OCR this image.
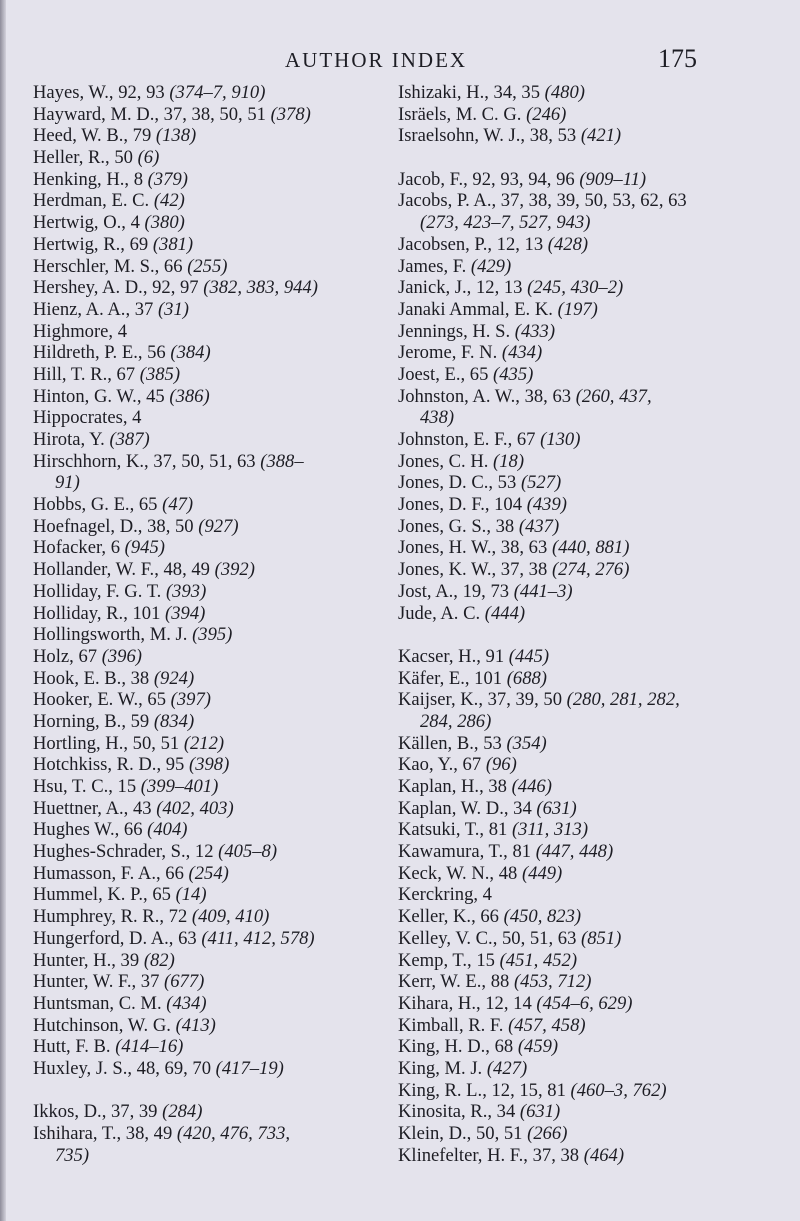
AUTHOR INDEX	175
Hayes, W., 92, 93 (374–7, 910)
Hayward, M. D., 37, 38, 50, 51 (378)
Heed, W. B., 79 (138)
Heller, R., 50 (6)
Henking, H., 8 (379)
Herdman, E. C. (42)
Hertwig, O., 4 (380)
Hertwig, R., 69 (381)
Herschler, M. S., 66 (255)
Hershey, A. D., 92, 97 (382, 383, 944)
Hienz, A. A., 37 (31)
Highmore, 4
Hildreth, P. E., 56 (384)
Hill, T. R., 67 (385)
Hinton, G. W., 45 (386)
Hippocrates, 4
Hirota, Y. (387)
Hirschhorn, K., 37, 50, 51, 63 (388–
91)
Hobbs, G. E., 65 (47)
Hoefnagel, D., 38, 50 (927)
Hofacker, 6 (945)
Hollander, W. F., 48, 49 (392)
Holliday, F. G. T. (393)
Holliday, R., 101 (394)
Hollingsworth, M. J. (395)
Holz, 67 (396)
Hook, E. B., 38 (924)
Hooker, E. W., 65 (397)
Horning, B., 59 (834)
Hortling, H., 50, 51 (212)
Hotchkiss, R. D., 95 (398)
Hsu, T. C., 15 (399–401)
Huettner, A., 43 (402, 403)
Hughes W., 66 (404)
Hughes-Schrader, S., 12 (405–8)
Humasson, F. A., 66 (254)
Hummel, K. P., 65 (14)
Humphrey, R. R., 72 (409, 410)
Hungerford, D. A., 63 (411, 412, 578)
Hunter, H., 39 (82)
Hunter, W. F., 37 (677)
Huntsman, C. M. (434)
Hutchinson, W. G. (413)
Hutt, F. B. (414–16)
Huxley, J. S., 48, 69, 70 (417–19)

Ikkos, D., 37, 39 (284)
Ishihara, T., 38, 49 (420, 476, 733,
735)
Ishizaki, H., 34, 35 (480)
Isräels, M. C. G. (246)
Israelsohn, W. J., 38, 53 (421)

Jacob, F., 92, 93, 94, 96 (909–11)
Jacobs, P. A., 37, 38, 39, 50, 53, 62, 63
(273, 423–7, 527, 943)
Jacobsen, P., 12, 13 (428)
James, F. (429)
Janick, J., 12, 13 (245, 430–2)
Janaki Ammal, E. K. (197)
Jennings, H. S. (433)
Jerome, F. N. (434)
Joest, E., 65 (435)
Johnston, A. W., 38, 63 (260, 437,
438)
Johnston, E. F., 67 (130)
Jones, C. H. (18)
Jones, D. C., 53 (527)
Jones, D. F., 104 (439)
Jones, G. S., 38 (437)
Jones, H. W., 38, 63 (440, 881)
Jones, K. W., 37, 38 (274, 276)
Jost, A., 19, 73 (441–3)
Jude, A. C. (444)

Kacser, H., 91 (445)
Käfer, E., 101 (688)
Kaijser, K., 37, 39, 50 (280, 281, 282,
284, 286)
Källen, B., 53 (354)
Kao, Y., 67 (96)
Kaplan, H., 38 (446)
Kaplan, W. D., 34 (631)
Katsuki, T., 81 (311, 313)
Kawamura, T., 81 (447, 448)
Keck, W. N., 48 (449)
Kerckring, 4
Keller, K., 66 (450, 823)
Kelley, V. C., 50, 51, 63 (851)
Kemp, T., 15 (451, 452)
Kerr, W. E., 88 (453, 712)
Kihara, H., 12, 14 (454–6, 629)
Kimball, R. F. (457, 458)
King, H. D., 68 (459)
King, M. J. (427)
King, R. L., 12, 15, 81 (460–3, 762)
Kinosita, R., 34 (631)
Klein, D., 50, 51 (266)
Klinefelter, H. F., 37, 38 (464)
